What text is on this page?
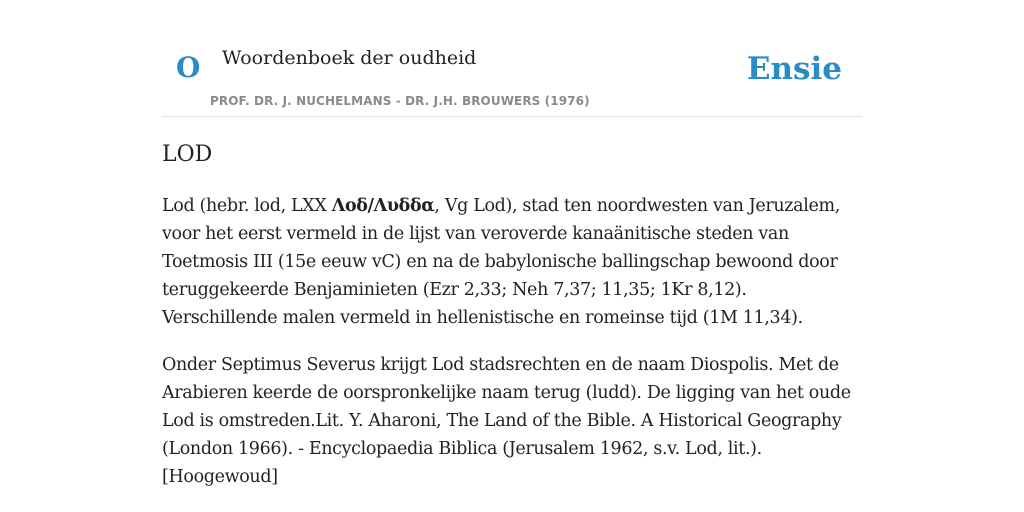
O Woordenboek der oudheid	Ensie
PROF. DR. J. NUCHELMANS - DR. J.H. BROUWERS (1976)
LOD

Lod (hebr. lod, LXX Λοδ/Λυδδα, Vg Lod), stad ten noordwesten van Jeruzalem, voor het eerst vermeld in de lijst van veroverde kanaänitische steden van Toetmosis III (15e eeuw vC) en na de babylonische ballingschap bewoond door teruggekeerde Benjaminieten (Ezr 2,33; Neh 7,37; 11,35; 1Kr 8,12). Verschillende malen vermeld in hellenistische en romeinse tijd (1M 11,34).

Onder Septimus Severus krijgt Lod stadsrechten en de naam Diospolis. Met de Arabieren keerde de oorspronkelijke naam terug (ludd). De ligging van het oude Lod is omstreden.Lit. Y. Aharoni, The Land of the Bible. A Historical Geography (London 1966). - Encyclopaedia Biblica (Jerusalem 1962, s.v. Lod, lit.). [Hoogewoud]
